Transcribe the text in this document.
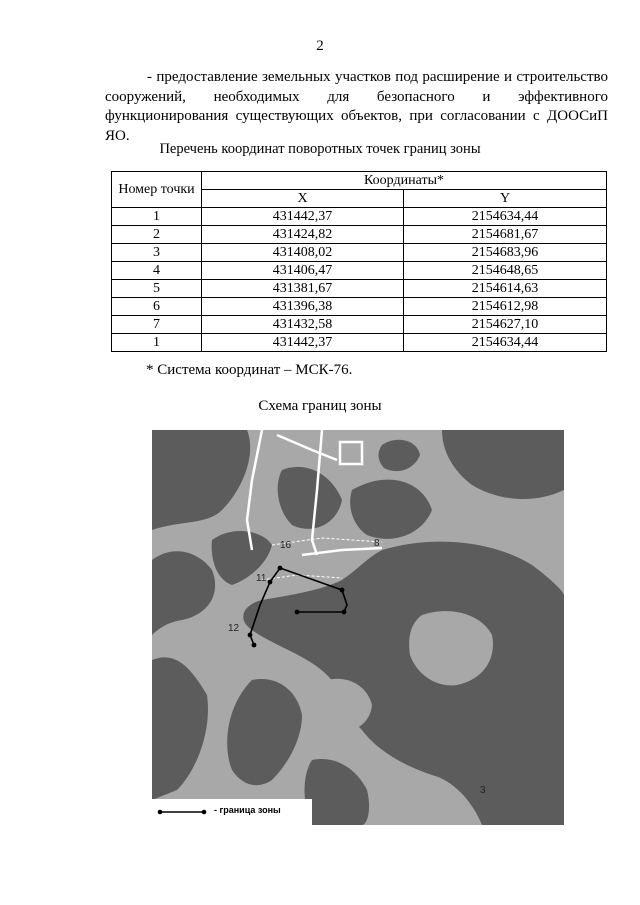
2

- предоставление земельных участков под расширение и строительство сооружений, необходимых для безопасного и эффективного функционирования существующих объектов, при согласовании с ДООСиП ЯО.

Перечень координат поворотных точек границ зоны
Номер точки	Координаты*	
	X	Y
1	431442,37	2154634,44
2	431424,82	2154681,67
3	431408,02	2154683,96
4	431406,47	2154648,65
5	431381,67	2154614,63
6	431396,38	2154612,98
7	431432,58	2154627,10
1	431442,37	2154634,44
* Система координат – МСК-76.
Схема границ зоны
16
11
12
8
3
- граница зоны
